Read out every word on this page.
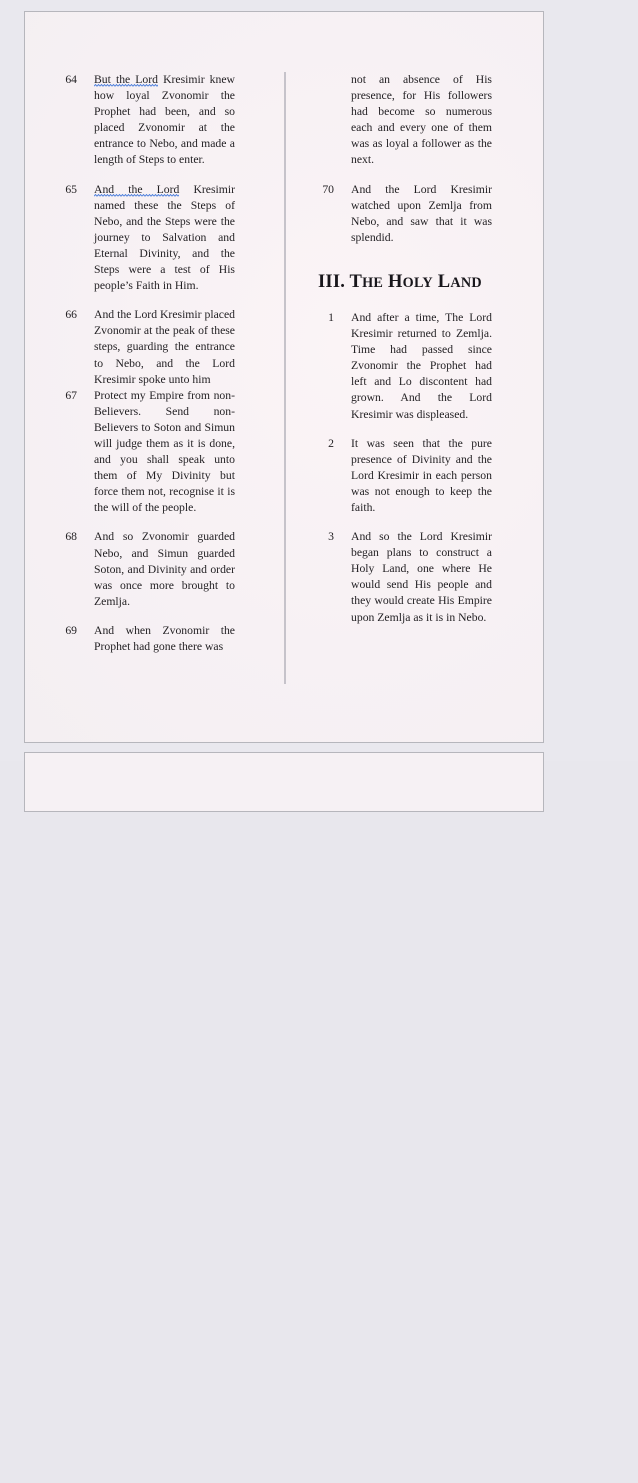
64 But the Lord Kresimir knew how loyal Zvonomir the Prophet had been, and so placed Zvonomir at the entrance to Nebo, and made a length of Steps to enter.
65 And the Lord Kresimir named these the Steps of Nebo, and the Steps were the journey to Salvation and Eternal Divinity, and the Steps were a test of His people’s Faith in Him.
66 And the Lord Kresimir placed Zvonomir at the peak of these steps, guarding the entrance to Nebo, and the Lord Kresimir spoke unto him
67 Protect my Empire from non-Believers. Send non-Believers to Soton and Simun will judge them as it is done, and you shall speak unto them of My Divinity but force them not, recognise it is the will of the people.
68 And so Zvonomir guarded Nebo, and Simun guarded Soton, and Divinity and order was once more brought to Zemlja.
69 And when Zvonomir the Prophet had gone there was
not an absence of His presence, for His followers had become so numerous each and every one of them was as loyal a follower as the next.
70 And the Lord Kresimir watched upon Zemlja from Nebo, and saw that it was splendid.
III. THE HOLY LAND
1 And after a time, The Lord Kresimir returned to Zemlja. Time had passed since Zvonomir the Prophet had left and Lo discontent had grown. And the Lord Kresimir was displeased.
2 It was seen that the pure presence of Divinity and the Lord Kresimir in each person was not enough to keep the faith.
3 And so the Lord Kresimir began plans to construct a Holy Land, one where He would send His people and they would create His Empire upon Zemlja as it is in Nebo.
